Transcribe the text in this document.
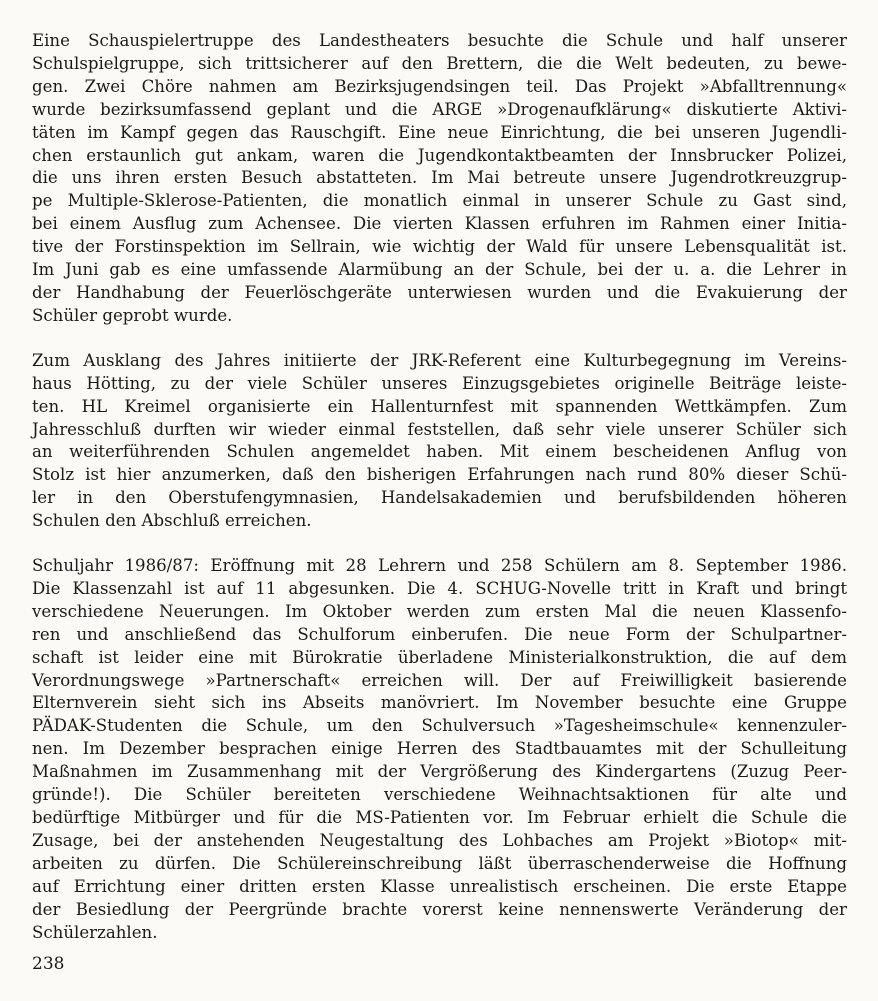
Eine Schauspielertruppe des Landestheaters besuchte die Schule und half unserer
Schulspielgruppe, sich trittsicherer auf den Brettern, die die Welt bedeuten, zu bewe-
gen. Zwei Chöre nahmen am Bezirksjugendsingen teil. Das Projekt »Abfalltrennung«
wurde bezirksumfassend geplant und die ARGE »Drogenaufklärung« diskutierte Aktivi-
täten im Kampf gegen das Rauschgift. Eine neue Einrichtung, die bei unseren Jugendli-
chen erstaunlich gut ankam, waren die Jugendkontaktbeamten der Innsbrucker Polizei,
die uns ihren ersten Besuch abstatteten. Im Mai betreute unsere Jugendrotkreuzgrup-
pe Multiple-Sklerose-Patienten, die monatlich einmal in unserer Schule zu Gast sind,
bei einem Ausflug zum Achensee. Die vierten Klassen erfuhren im Rahmen einer Initia-
tive der Forstinspektion im Sellrain, wie wichtig der Wald für unsere Lebensqualität ist.
Im Juni gab es eine umfassende Alarmübung an der Schule, bei der u. a. die Lehrer in
der Handhabung der Feuerlöschgeräte unterwiesen wurden und die Evakuierung der
Schüler geprobt wurde.

Zum Ausklang des Jahres initiierte der JRK-Referent eine Kulturbegegnung im Vereins-
haus Hötting, zu der viele Schüler unseres Einzugsgebietes originelle Beiträge leiste-
ten. HL Kreimel organisierte ein Hallenturnfest mit spannenden Wettkämpfen. Zum
Jahresschluß durften wir wieder einmal feststellen, daß sehr viele unserer Schüler sich
an weiterführenden Schulen angemeldet haben. Mit einem bescheidenen Anflug von
Stolz ist hier anzumerken, daß den bisherigen Erfahrungen nach rund 80% dieser Schü-
ler in den Oberstufengymnasien, Handelsakademien und berufsbildenden höheren
Schulen den Abschluß erreichen.

Schuljahr 1986/87: Eröffnung mit 28 Lehrern und 258 Schülern am 8. September 1986.
Die Klassenzahl ist auf 11 abgesunken. Die 4. SCHUG-Novelle tritt in Kraft und bringt
verschiedene Neuerungen. Im Oktober werden zum ersten Mal die neuen Klassenfo-
ren und anschließend das Schulforum einberufen. Die neue Form der Schulpartner-
schaft ist leider eine mit Bürokratie überladene Ministerialkonstruktion, die auf dem
Verordnungswege »Partnerschaft« erreichen will. Der auf Freiwilligkeit basierende
Elternverein sieht sich ins Abseits manövriert. Im November besuchte eine Gruppe
PÄDAK-Studenten die Schule, um den Schulversuch »Tagesheimschule« kennenzuler-
nen. Im Dezember besprachen einige Herren des Stadtbauamtes mit der Schulleitung
Maßnahmen im Zusammenhang mit der Vergrößerung des Kindergartens (Zuzug Peer-
gründe!). Die Schüler bereiteten verschiedene Weihnachtsaktionen für alte und
bedürftige Mitbürger und für die MS-Patienten vor. Im Februar erhielt die Schule die
Zusage, bei der anstehenden Neugestaltung des Lohbaches am Projekt »Biotop« mit-
arbeiten zu dürfen. Die Schülereinschreibung läßt überraschenderweise die Hoffnung
auf Errichtung einer dritten ersten Klasse unrealistisch erscheinen. Die erste Etappe
der Besiedlung der Peergründe brachte vorerst keine nennenswerte Veränderung der
Schülerzahlen.

238
